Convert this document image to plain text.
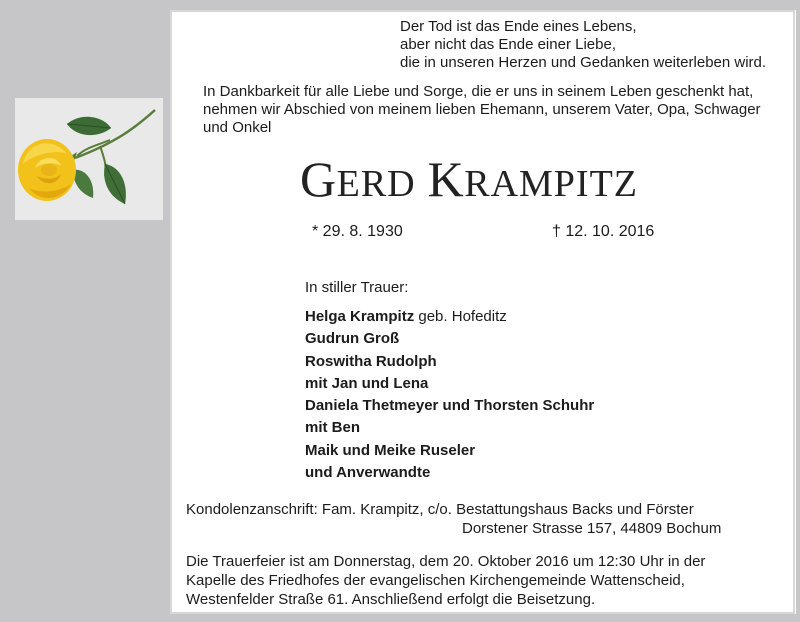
Der Tod ist das Ende eines Lebens,
aber nicht das Ende einer Liebe,
die in unseren Herzen und Gedanken weiterleben wird.

In Dankbarkeit für alle Liebe und Sorge, die er uns in seinem Leben geschenkt hat, nehmen wir Abschied von meinem lieben Ehemann, unserem Vater, Opa, Schwager und Onkel

GERD KRAMPITZ

* 29. 8. 1930	† 12. 10. 2016

In stiller Trauer:

Helga Krampitz geb. Hofeditz
Gudrun Groß
Roswitha Rudolph
mit Jan und Lena
Daniela Thetmeyer und Thorsten Schuhr
mit Ben
Maik und Meike Ruseler
und Anverwandte

Kondolenzanschrift: Fam. Krampitz, c/o. Bestattungshaus Backs und Förster

Dorstener Strasse 157, 44809 Bochum

Die Trauerfeier ist am Donnerstag, dem 20. Oktober 2016 um 12:30 Uhr in der Kapelle des Friedhofes der evangelischen Kirchengemeinde Wattenscheid, Westenfelder Straße 61. Anschließend erfolgt die Beisetzung.
